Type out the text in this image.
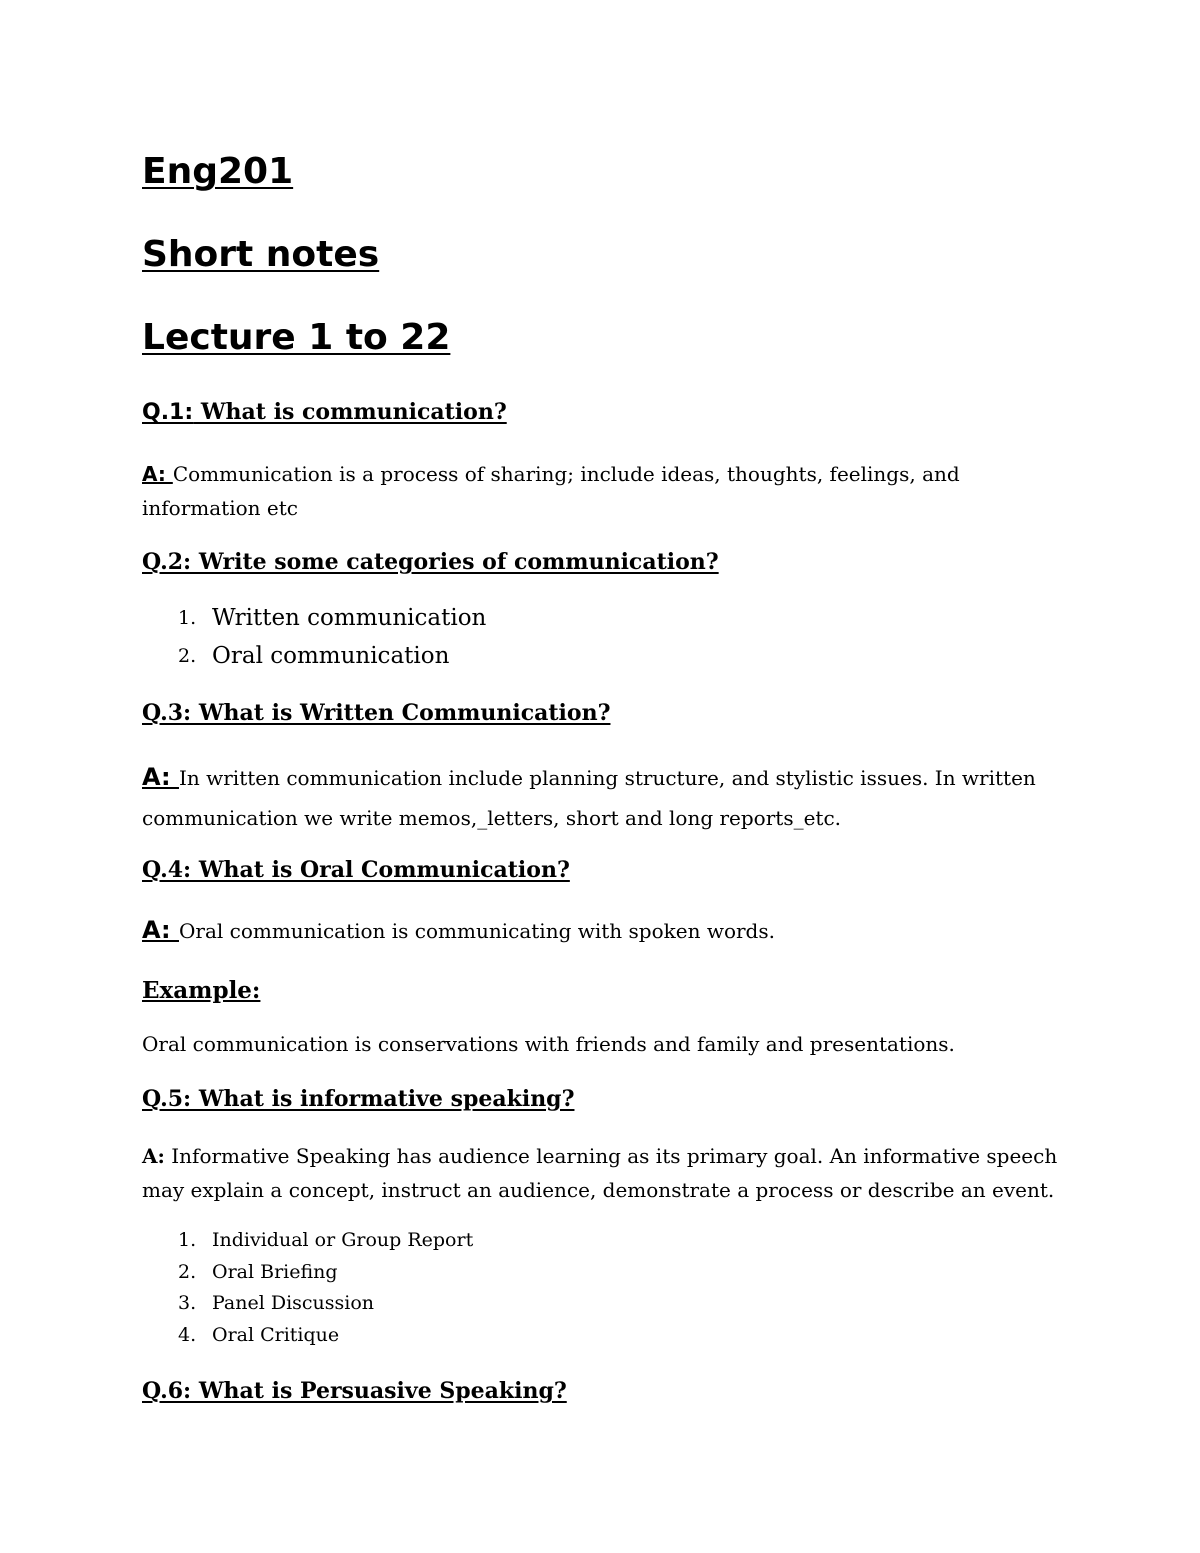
Eng201
Short notes
Lecture 1 to 22
Q.1: What is communication?

A: Communication is a process of sharing; include ideas, thoughts, feelings, and information etc

Q.2: Write some categories of communication?
1. Written communication
2. Oral communication
Q.3: What is Written Communication?

A: In written communication include planning structure, and stylistic issues. In written communication we write memos,_letters, short and long reports_etc.

Q.4: What is Oral Communication?

A: Oral communication is communicating with spoken words.

Example:

Oral communication is conservations with friends and family and presentations.

Q.5: What is informative speaking?

A: Informative Speaking has audience learning as its primary goal. An informative speech may explain a concept, instruct an audience, demonstrate a process or describe an event.

1. Individual or Group Report
2. Oral Briefing
3. Panel Discussion
4. Oral Critique
Q.6: What is Persuasive Speaking?
